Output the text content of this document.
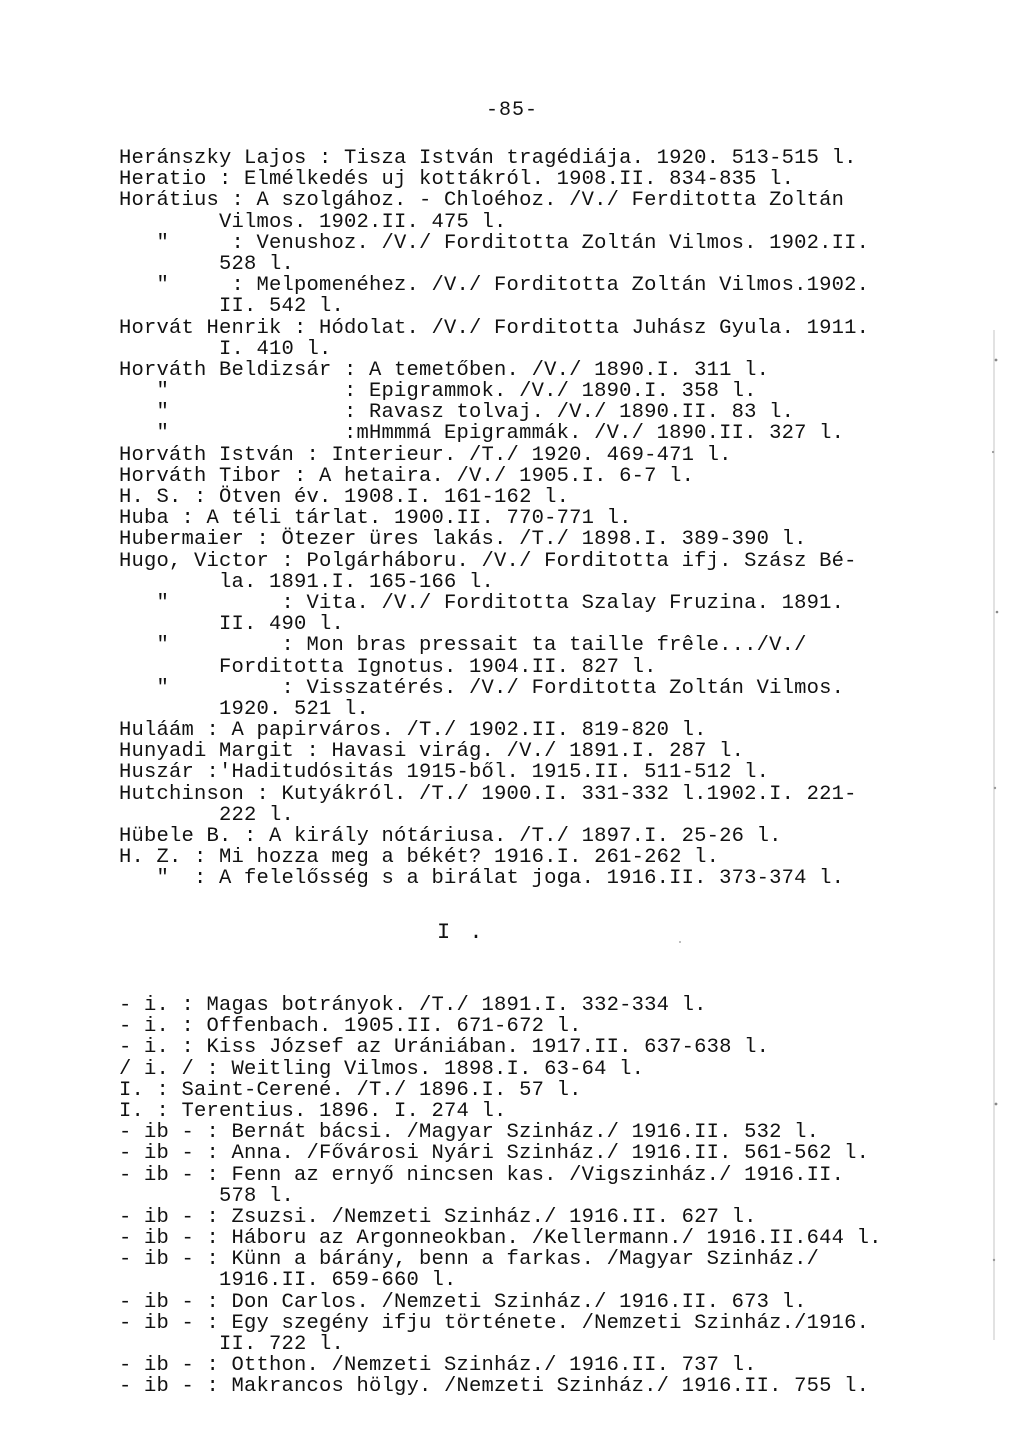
-85-
Heránszky Lajos : Tisza István tragédiája. 1920. 513-515 l.
Heratio : Elmélkedés uj kottákról. 1908.II. 834-835 l.
Horátius : A szolgához. - Chloéhoz. /V./ Ferditotta Zoltán
Vilmos. 1902.II. 475 l.
"     : Venushoz. /V./ Forditotta Zoltán Vilmos. 1902.II.
528 l.
"     : Melpomenéhez. /V./ Forditotta Zoltán Vilmos.1902.
II. 542 l.
Horvát Henrik : Hódolat. /V./ Forditotta Juhász Gyula. 1911.
I. 410 l.
Horváth Beldizsár : A temetőben. /V./ 1890.I. 311 l.
"              : Epigrammok. /V./ 1890.I. 358 l.
"              : Ravasz tolvaj. /V./ 1890.II. 83 l.
"              :mHmmmá Epigrammák. /V./ 1890.II. 327 l.
Horváth István : Interieur. /T./ 1920. 469-471 l.
Horváth Tibor : A hetaira. /V./ 1905.I. 6-7 l.
H. S. : Ötven év. 1908.I. 161-162 l.
Huba : A téli tárlat. 1900.II. 770-771 l.
Hubermaier : Ötezer üres lakás. /T./ 1898.I. 389-390 l.
Hugo, Victor : Polgárháboru. /V./ Forditotta ifj. Szász Bé-
la. 1891.I. 165-166 l.
"         : Vita. /V./ Forditotta Szalay Fruzina. 1891.
II. 490 l.
"         : Mon bras pressait ta taille frêle.../V./
Forditotta Ignotus. 1904.II. 827 l.
"         : Visszatérés. /V./ Forditotta Zoltán Vilmos.
1920. 521 l.
Huláám : A papirváros. /T./ 1902.II. 819-820 l.
Hunyadi Margit : Havasi virág. /V./ 1891.I. 287 l.
Huszár :'Haditudósitás 1915-ből. 1915.II. 511-512 l.
Hutchinson : Kutyákról. /T./ 1900.I. 331-332 l.1902.I. 221-
222 l.
Hübele B. : A király nótáriusa. /T./ 1897.I. 25-26 l.
H. Z. : Mi hozza meg a békét? 1916.I. 261-262 l.
"  : A felelősség s a birálat joga. 1916.II. 373-374 l.
I .
- i. : Magas botrányok. /T./ 1891.I. 332-334 l.
- i. : Offenbach. 1905.II. 671-672 l.
- i. : Kiss József az Urániában. 1917.II. 637-638 l.
/ i. / : Weitling Vilmos. 1898.I. 63-64 l.
I. : Saint-Cerené. /T./ 1896.I. 57 l.
I. : Terentius. 1896. I. 274 l.
- ib - : Bernát bácsi. /Magyar Szinház./ 1916.II. 532 l.
- ib - : Anna. /Fővárosi Nyári Szinház./ 1916.II. 561-562 l.
- ib - : Fenn az ernyő nincsen kas. /Vigszinház./ 1916.II.
578 l.
- ib - : Zsuzsi. /Nemzeti Szinház./ 1916.II. 627 l.
- ib - : Háboru az Argonneokban. /Kellermann./ 1916.II.644 l.
- ib - : Künn a bárány, benn a farkas. /Magyar Szinház./
1916.II. 659-660 l.
- ib - : Don Carlos. /Nemzeti Szinház./ 1916.II. 673 l.
- ib - : Egy szegény ifju története. /Nemzeti Szinház./1916.
II. 722 l.
- ib - : Otthon. /Nemzeti Szinház./ 1916.II. 737 l.
- ib - : Makrancos hölgy. /Nemzeti Szinház./ 1916.II. 755 l.
